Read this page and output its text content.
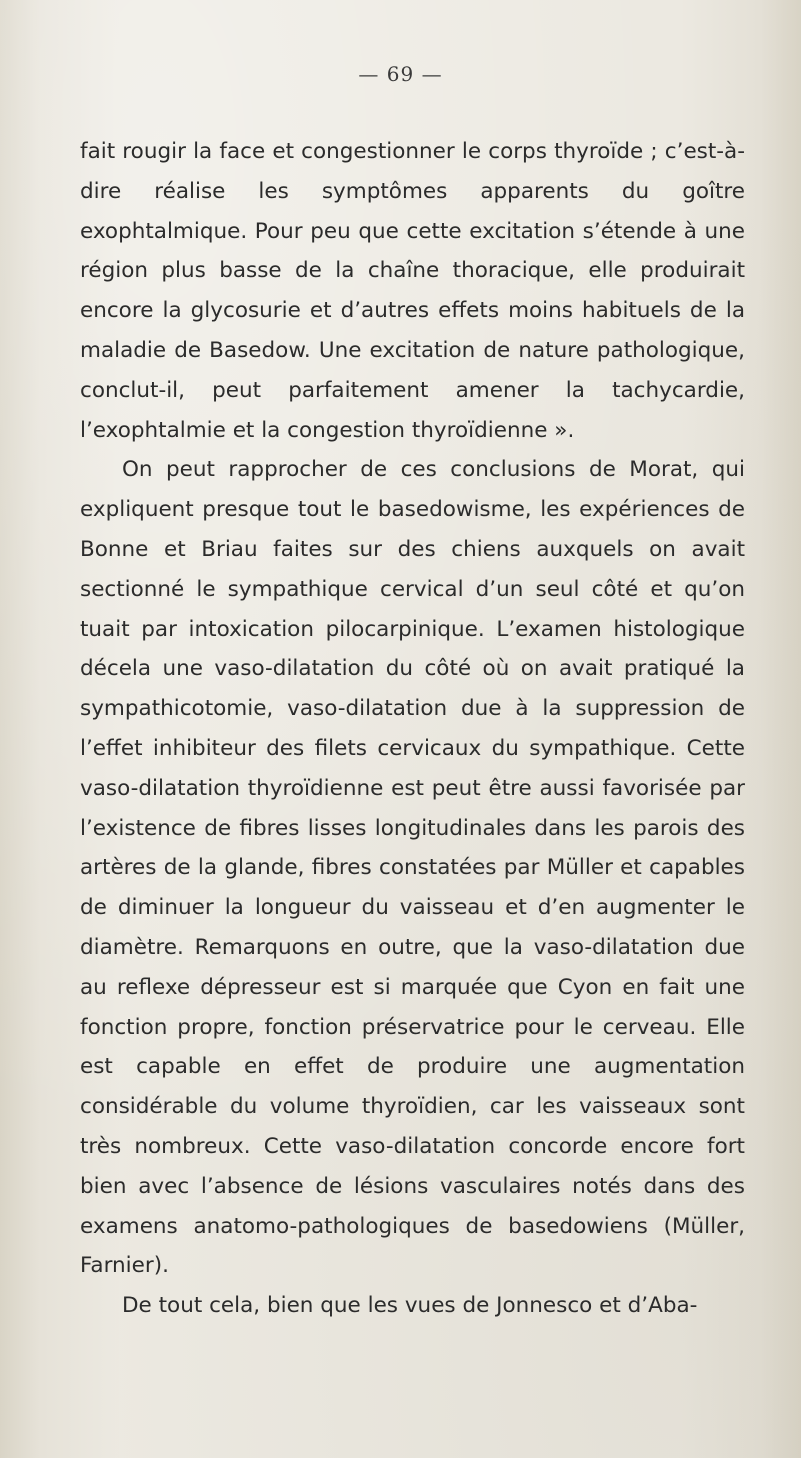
— 69 —

fait rougir la face et congestionner le corps thyroïde ; c’est-à-dire réalise les symptômes apparents du goître exophtalmique. Pour peu que cette excitation s’étende à une région plus basse de la chaîne thoracique, elle produirait encore la glycosurie et d’autres effets moins habituels de la maladie de Basedow. Une excitation de nature pathologique, conclut-il, peut parfaitement amener la tachycardie, l’exophtalmie et la congestion thyroïdienne ».

On peut rapprocher de ces conclusions de Morat, qui expliquent presque tout le basedowisme, les expériences de Bonne et Briau faites sur des chiens auxquels on avait sectionné le sympathique cervical d’un seul côté et qu’on tuait par intoxication pilocarpinique. L’examen histologique décela une vaso-dilatation du côté où on avait pratiqué la sympathicotomie, vaso-dilatation due à la suppression de l’effet inhibiteur des filets cervicaux du sympathique. Cette vaso-dilatation thyroïdienne est peut être aussi favorisée par l’existence de fibres lisses longitudinales dans les parois des artères de la glande, fibres constatées par Müller et capables de diminuer la longueur du vaisseau et d’en augmenter le diamètre. Remarquons en outre, que la vaso-dilatation due au reflexe dépresseur est si marquée que Cyon en fait une fonction propre, fonction préservatrice pour le cerveau. Elle est capable en effet de produire une augmentation considérable du volume thyroïdien, car les vaisseaux sont très nombreux. Cette vaso-dilatation concorde encore fort bien avec l’absence de lésions vasculaires notés dans des examens anatomo-pathologiques de basedowiens (Müller, Farnier).

De tout cela, bien que les vues de Jonnesco et d’Aba-
